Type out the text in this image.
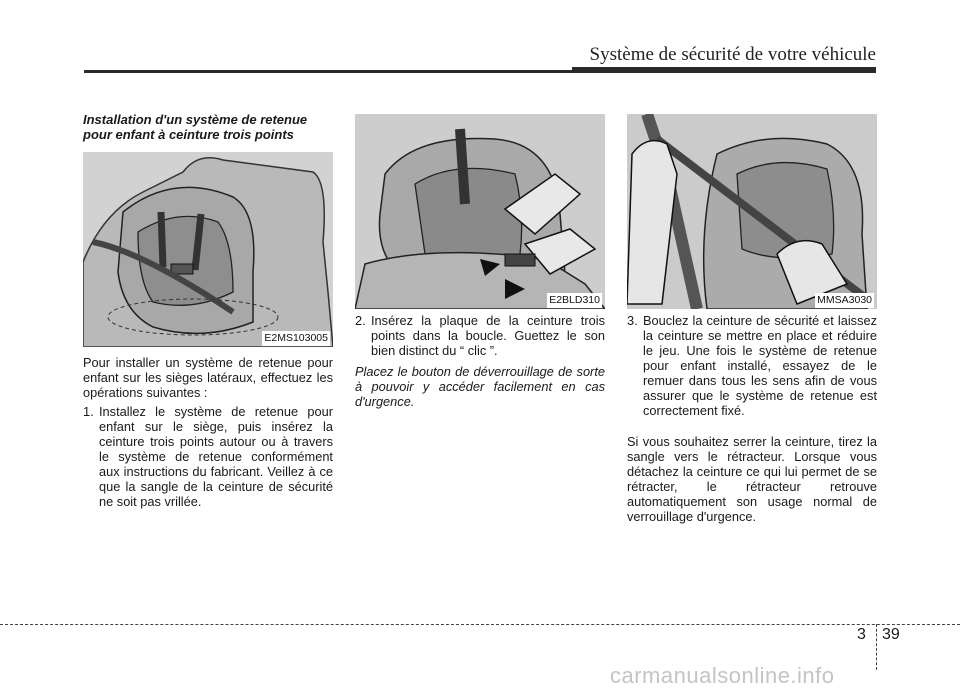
Système de sécurité de votre véhicule
Installation d'un système de retenue pour enfant à ceinture trois points
E2MS103005

Pour installer un système de retenue pour enfant sur les sièges latéraux, effectuez les opérations suivantes :

1. Installez le système de retenue pour enfant sur le siège, puis insérez la ceinture trois points autour ou à travers le système de retenue conformément aux instructions du fabricant. Veillez à ce que la sangle de la ceinture de sécurité ne soit pas vrillée.
E2BLD310
2. Insérez la plaque de la ceinture trois points dans la boucle. Guettez le son bien distinct du “ clic ”.
Placez le bouton de déverrouillage de sorte à pouvoir y accéder facilement en cas d'urgence.
MMSA3030
3. Bouclez la ceinture de sécurité et laissez la ceinture se mettre en place et réduire le jeu. Une fois le système de retenue pour enfant installé, essayez de le remuer dans tous les sens afin de vous assurer que le système de retenue est correctement fixé.

Si vous souhaitez serrer la ceinture, tirez la sangle vers le rétracteur. Lorsque vous détachez la ceinture ce qui lui permet de se rétracter, le rétracteur retrouve automatiquement son usage normal de verrouillage d'urgence.

3 39
carmanualsonline.info
